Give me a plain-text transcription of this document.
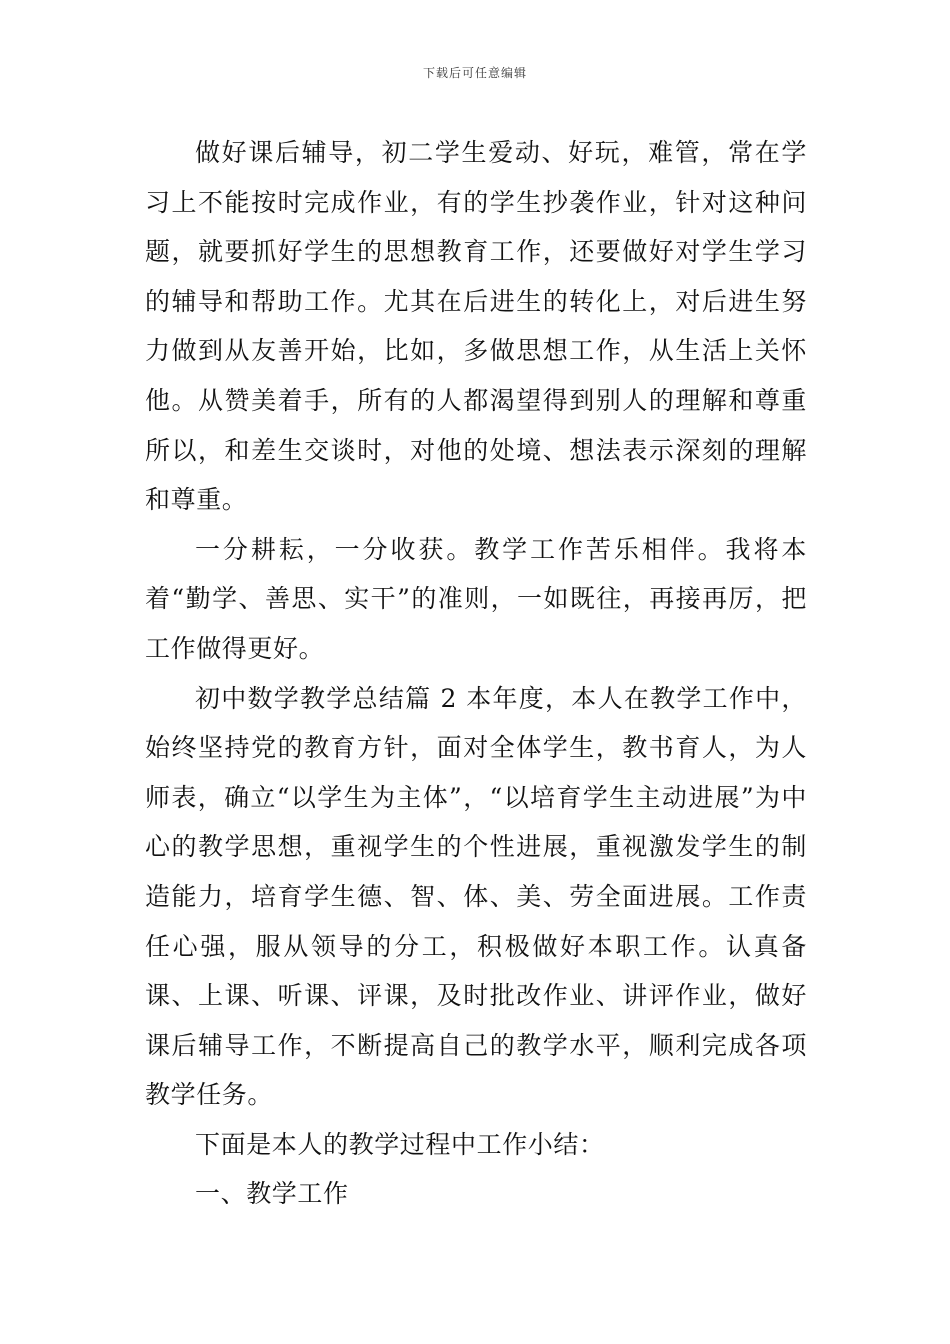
下载后可任意编辑

做好课后辅导，初二学生爱动、好玩，难管，常在学习上不能按时完成作业，有的学生抄袭作业，针对这种问题，就要抓好学生的思想教育工作，还要做好对学生学习的辅导和帮助工作。尤其在后进生的转化上，对后进生努力做到从友善开始，比如，多做思想工作，从生活上关怀他。从赞美着手，所有的人都渴望得到别人的理解和尊重所以，和差生交谈时，对他的处境、想法表示深刻的理解和尊重。

一分耕耘，一分收获。教学工作苦乐相伴。我将本着“勤学、善思、实干”的准则，一如既往，再接再厉，把工作做得更好。

初中数学教学总结篇 2 本年度，本人在教学工作中，始终坚持党的教育方针，面对全体学生，教书育人，为人师表，确立“以学生为主体”，“以培育学生主动进展”为中心的教学思想，重视学生的个性进展，重视激发学生的制造能力，培育学生德、智、体、美、劳全面进展。工作责任心强，服从领导的分工，积极做好本职工作。认真备课、上课、听课、评课，及时批改作业、讲评作业，做好课后辅导工作，不断提高自己的教学水平，顺利完成各项教学任务。

下面是本人的教学过程中工作小结：

一、教学工作
